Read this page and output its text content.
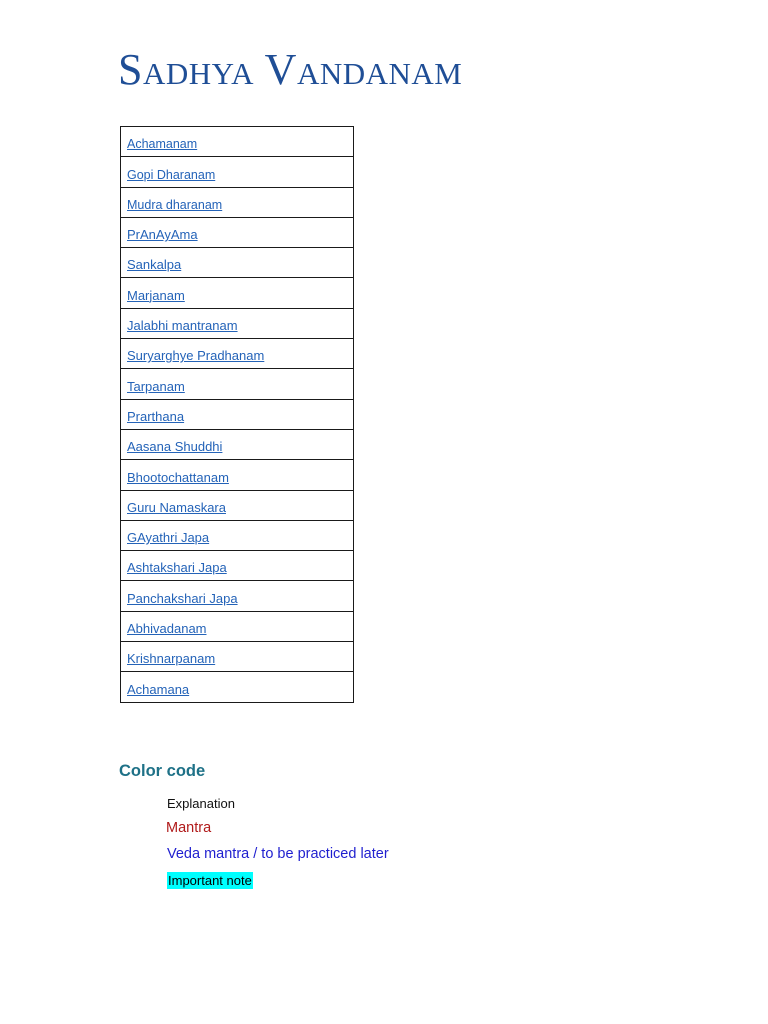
Sadhya Vandanam
Achamanam
Gopi Dharanam
Mudra dharanam
PrAnAyAma
Sankalpa
Marjanam
Jalabhi mantranam
Suryarghye Pradhanam
Tarpanam
Prarthana
Aasana Shuddhi
Bhootochattanam
Guru Namaskara
GAyathri Japa
Ashtakshari Japa
Panchakshari Japa
Abhivadanam
Krishnarpanam
Achamana
Color code
Explanation
Mantra
Veda mantra / to be practiced later
Important note
